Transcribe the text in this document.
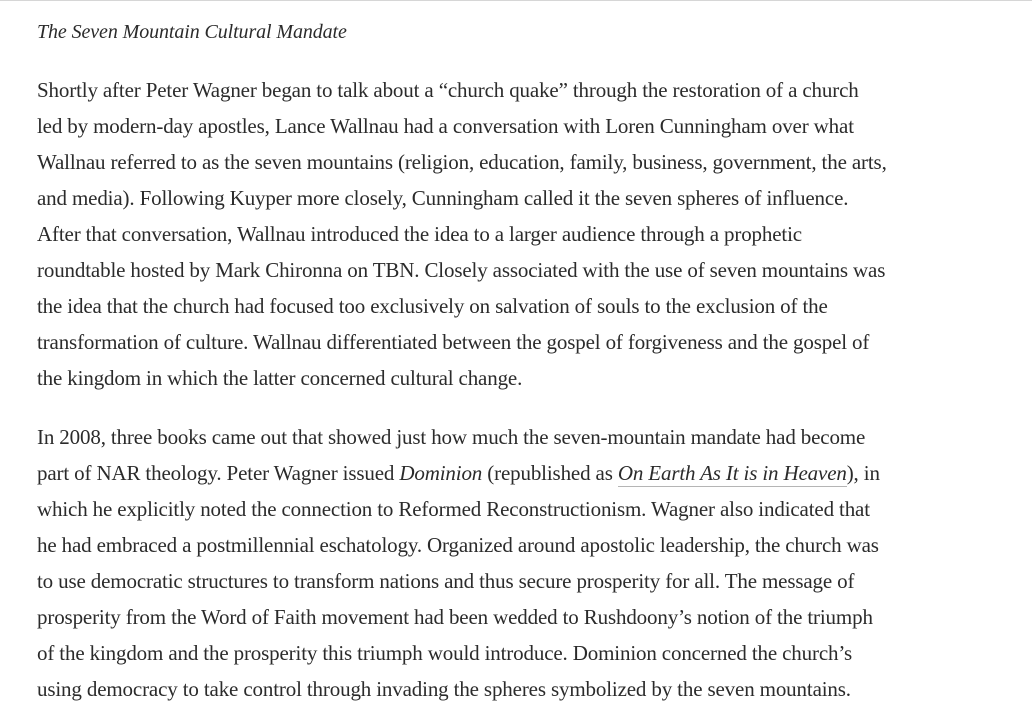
The Seven Mountain Cultural Mandate

Shortly after Peter Wagner began to talk about a “church quake” through the restoration of a church
led by modern-day apostles, Lance Wallnau had a conversation with Loren Cunningham over what
Wallnau referred to as the seven mountains (religion, education, family, business, government, the arts,
and media). Following Kuyper more closely, Cunningham called it the seven spheres of influence.
After that conversation, Wallnau introduced the idea to a larger audience through a prophetic
roundtable hosted by Mark Chironna on TBN. Closely associated with the use of seven mountains was
the idea that the church had focused too exclusively on salvation of souls to the exclusion of the
transformation of culture. Wallnau differentiated between the gospel of forgiveness and the gospel of
the kingdom in which the latter concerned cultural change.

In 2008, three books came out that showed just how much the seven-mountain mandate had become
part of NAR theology. Peter Wagner issued Dominion (republished as On Earth As It is in Heaven), in
which he explicitly noted the connection to Reformed Reconstructionism. Wagner also indicated that
he had embraced a postmillennial eschatology. Organized around apostolic leadership, the church was
to use democratic structures to transform nations and thus secure prosperity for all. The message of
prosperity from the Word of Faith movement had been wedded to Rushdoony’s notion of the triumph
of the kingdom and the prosperity this triumph would introduce. Dominion concerned the church’s
using democracy to take control through invading the spheres symbolized by the seven mountains.
